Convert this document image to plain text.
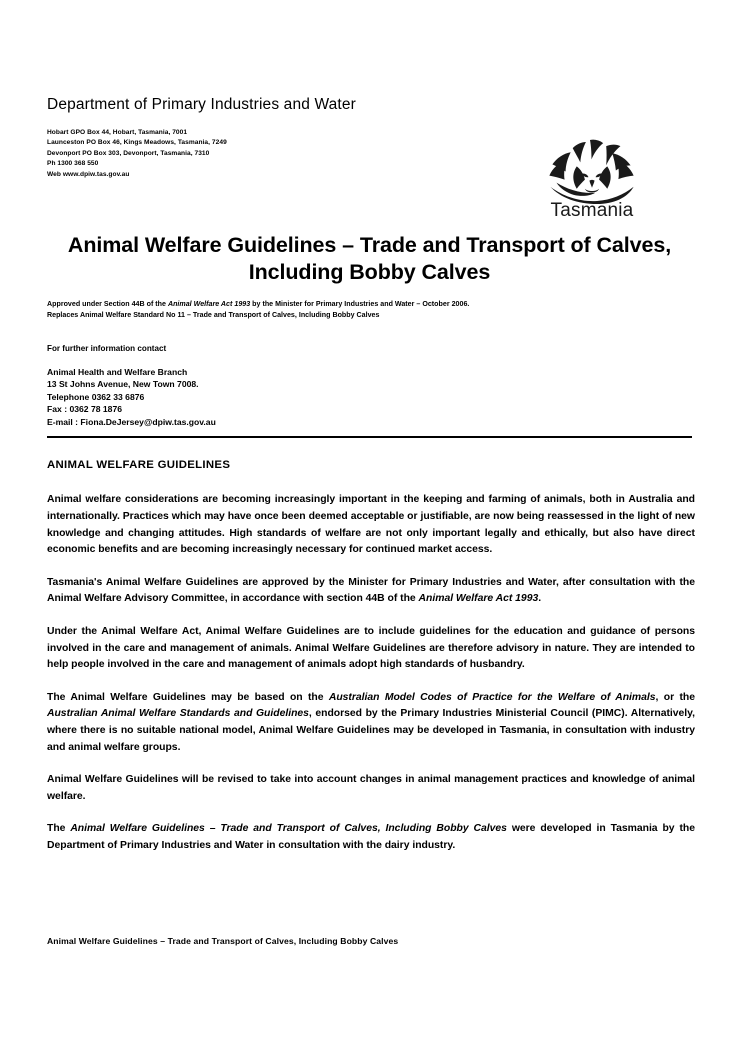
Department of Primary Industries and Water
Hobart GPO Box 44, Hobart, Tasmania, 7001
Launceston PO Box 46, Kings Meadows, Tasmania, 7249
Devonport PO Box 303, Devonport, Tasmania, 7310
Ph 1300 368 550
Web www.dpiw.tas.gov.au
Tasmania
Animal Welfare Guidelines – Trade and Transport of Calves, Including Bobby Calves
Approved under Section 44B of the Animal Welfare Act 1993 by the Minister for Primary Industries and Water – October 2006.
Replaces Animal Welfare Standard No 11 – Trade and Transport of Calves, Including Bobby Calves
For further information contact
Animal Health and Welfare Branch
13 St Johns Avenue, New Town 7008.
Telephone 0362 33 6876
Fax : 0362 78 1876
E-mail : Fiona.DeJersey@dpiw.tas.gov.au
ANIMAL WELFARE GUIDELINES

Animal welfare considerations are becoming increasingly important in the keeping and farming of animals, both in Australia and internationally. Practices which may have once been deemed acceptable or justifiable, are now being reassessed in the light of new knowledge and changing attitudes. High standards of welfare are not only important legally and ethically, but also have direct economic benefits and are becoming increasingly necessary for continued market access.

Tasmania's Animal Welfare Guidelines are approved by the Minister for Primary Industries and Water, after consultation with the Animal Welfare Advisory Committee, in accordance with section 44B of the Animal Welfare Act 1993.

Under the Animal Welfare Act, Animal Welfare Guidelines are to include guidelines for the education and guidance of persons involved in the care and management of animals. Animal Welfare Guidelines are therefore advisory in nature. They are intended to help people involved in the care and management of animals adopt high standards of husbandry.

The Animal Welfare Guidelines may be based on the Australian Model Codes of Practice for the Welfare of Animals, or the Australian Animal Welfare Standards and Guidelines, endorsed by the Primary Industries Ministerial Council (PIMC). Alternatively, where there is no suitable national model, Animal Welfare Guidelines may be developed in Tasmania, in consultation with industry and animal welfare groups.

Animal Welfare Guidelines will be revised to take into account changes in animal management practices and knowledge of animal welfare.

The Animal Welfare Guidelines – Trade and Transport of Calves, Including Bobby Calves were developed in Tasmania by the Department of Primary Industries and Water in consultation with the dairy industry.

Animal Welfare Guidelines – Trade and Transport of Calves, Including Bobby Calves
